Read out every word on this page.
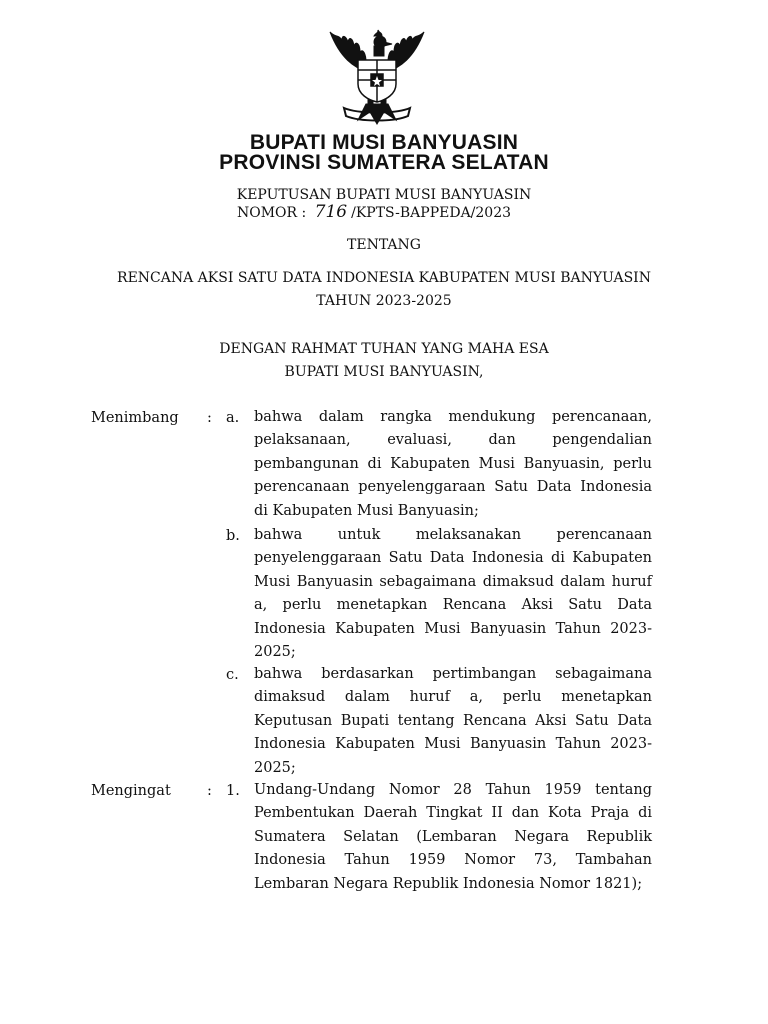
BUPATI MUSI BANYUASIN
PROVINSI SUMATERA SELATAN
KEPUTUSAN BUPATI MUSI BANYUASIN
NOMOR : 716 /KPTS-BAPPEDA/2023
TENTANG
RENCANA AKSI SATU DATA INDONESIA KABUPATEN MUSI BANYUASIN
TAHUN 2023-2025
DENGAN RAHMAT TUHAN YANG MAHA ESA
BUPATI MUSI BANYUASIN,
Menimbang : a. bahwa dalam rangka mendukung perencanaan, pelaksanaan, evaluasi, dan pengendalian pembangunan di Kabupaten Musi Banyuasin, perlu perencanaan penyelenggaraan Satu Data Indonesia di Kabupaten Musi Banyuasin;
b. bahwa untuk melaksanakan perencanaan penyelenggaraan Satu Data Indonesia di Kabupaten Musi Banyuasin sebagaimana dimaksud dalam huruf a, perlu menetapkan Rencana Aksi Satu Data Indonesia Kabupaten Musi Banyuasin Tahun 2023-2025;
c. bahwa berdasarkan pertimbangan sebagaimana dimaksud dalam huruf a, perlu menetapkan Keputusan Bupati tentang Rencana Aksi Satu Data Indonesia Kabupaten Musi Banyuasin Tahun 2023-2025;
Mengingat : 1. Undang-Undang Nomor 28 Tahun 1959 tentang Pembentukan Daerah Tingkat II dan Kota Praja di Sumatera Selatan (Lembaran Negara Republik Indonesia Tahun 1959 Nomor 73, Tambahan Lembaran Negara Republik Indonesia Nomor 1821);
